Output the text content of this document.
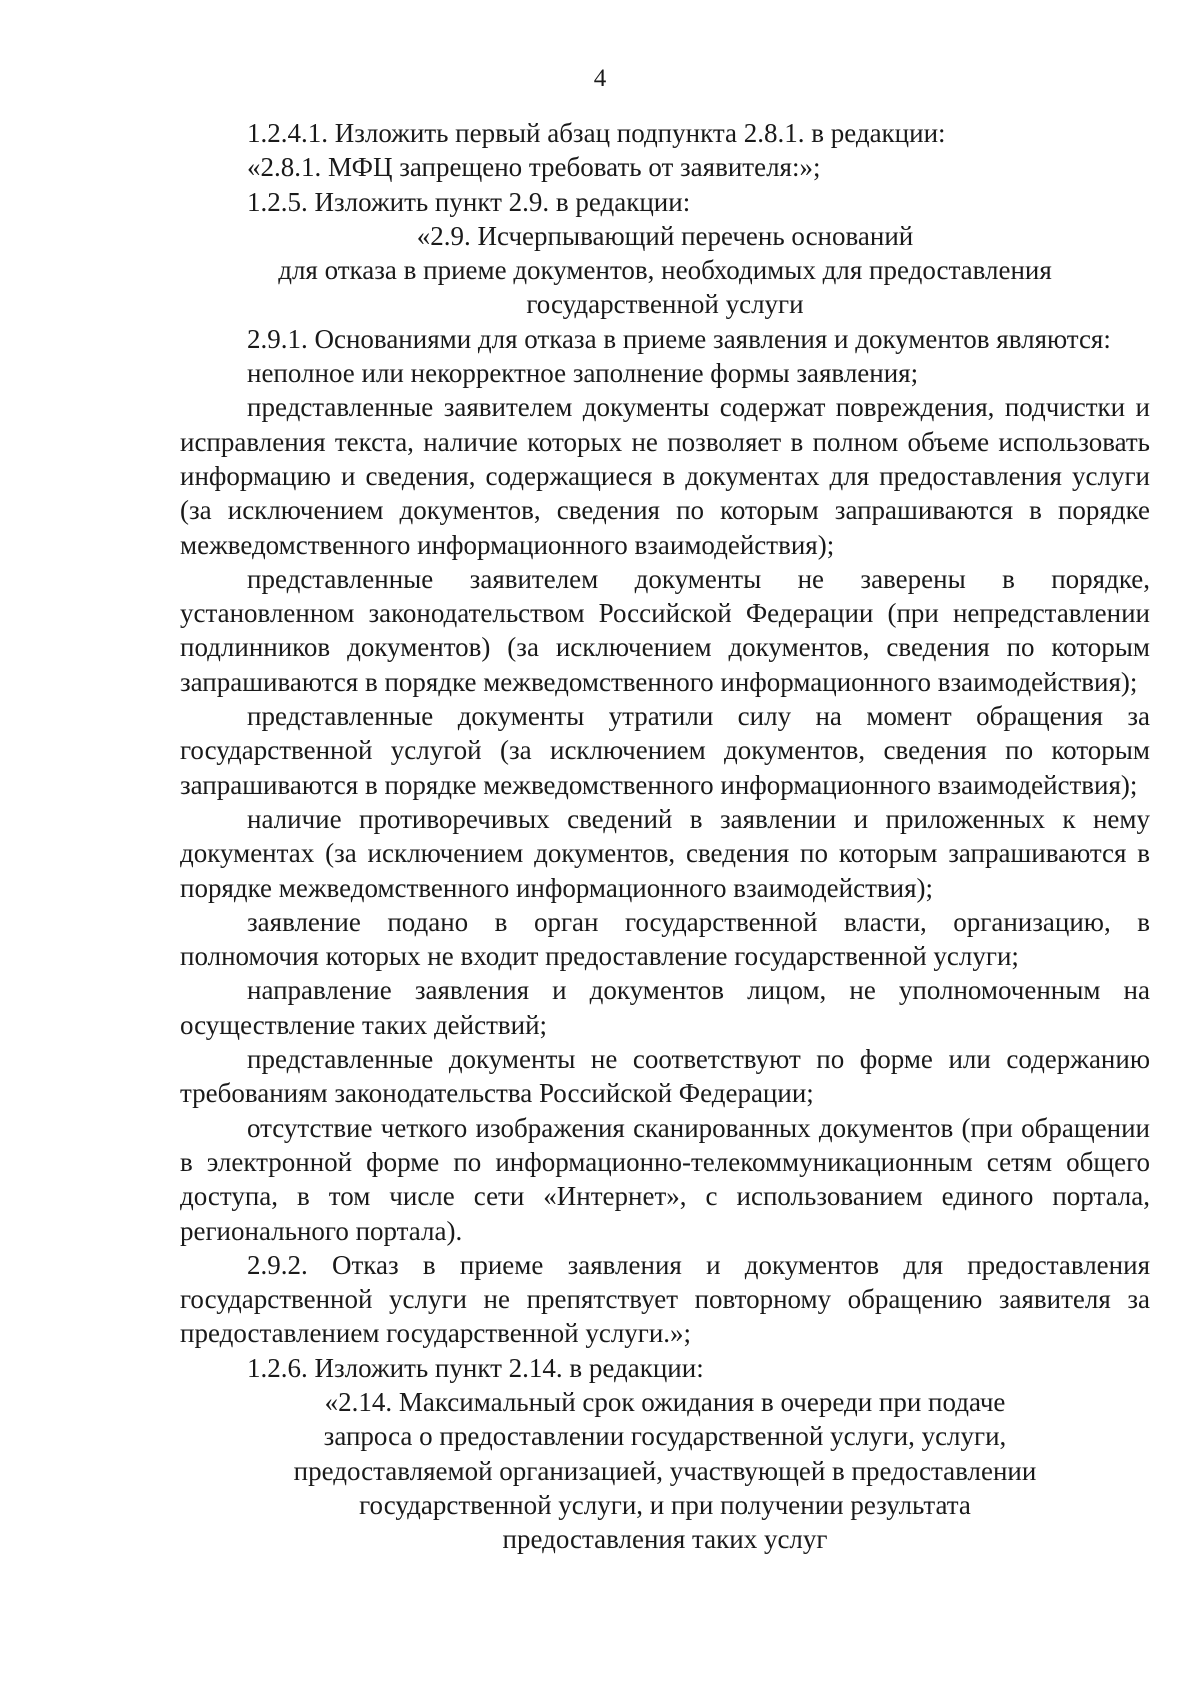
4

1.2.4.1. Изложить первый абзац подпункта 2.8.1. в редакции:

«2.8.1. МФЦ запрещено требовать от заявителя:»;

1.2.5. Изложить пункт 2.9. в редакции:

«2.9. Исчерпывающий перечень оснований
для отказа в приеме документов, необходимых для предоставления
государственной услуги

2.9.1. Основаниями для отказа в приеме заявления и документов являются:

неполное или некорректное заполнение формы заявления;

представленные заявителем документы содержат повреждения, подчистки и исправления текста, наличие которых не позволяет в полном объеме использовать информацию и сведения, содержащиеся в документах для предоставления услуги (за исключением документов, сведения по которым запрашиваются в порядке межведомственного информационного взаимодействия);

представленные заявителем документы не заверены в порядке, установленном законодательством Российской Федерации (при непредставлении подлинников документов) (за исключением документов, сведения по которым запрашиваются в порядке межведомственного информационного взаимодействия);

представленные документы утратили силу на момент обращения за государственной услугой (за исключением документов, сведения по которым запрашиваются в порядке межведомственного информационного взаимодействия);

наличие противоречивых сведений в заявлении и приложенных к нему документах (за исключением документов, сведения по которым запрашиваются в порядке межведомственного информационного взаимодействия);

заявление подано в орган государственной власти, организацию, в полномочия которых не входит предоставление государственной услуги;

направление заявления и документов лицом, не уполномоченным на осуществление таких действий;

представленные документы не соответствуют по форме или содержанию требованиям законодательства Российской Федерации;

отсутствие четкого изображения сканированных документов (при обращении в электронной форме по информационно-телекоммуникационным сетям общего доступа, в том числе сети «Интернет», с использованием единого портала, регионального портала).

2.9.2. Отказ в приеме заявления и документов для предоставления государственной услуги не препятствует повторному обращению заявителя за предоставлением государственной услуги.»;

1.2.6. Изложить пункт 2.14. в редакции:

«2.14. Максимальный срок ожидания в очереди при подаче
запроса о предоставлении государственной услуги, услуги,
предоставляемой организацией, участвующей в предоставлении
государственной услуги, и при получении результата
предоставления таких услуг
